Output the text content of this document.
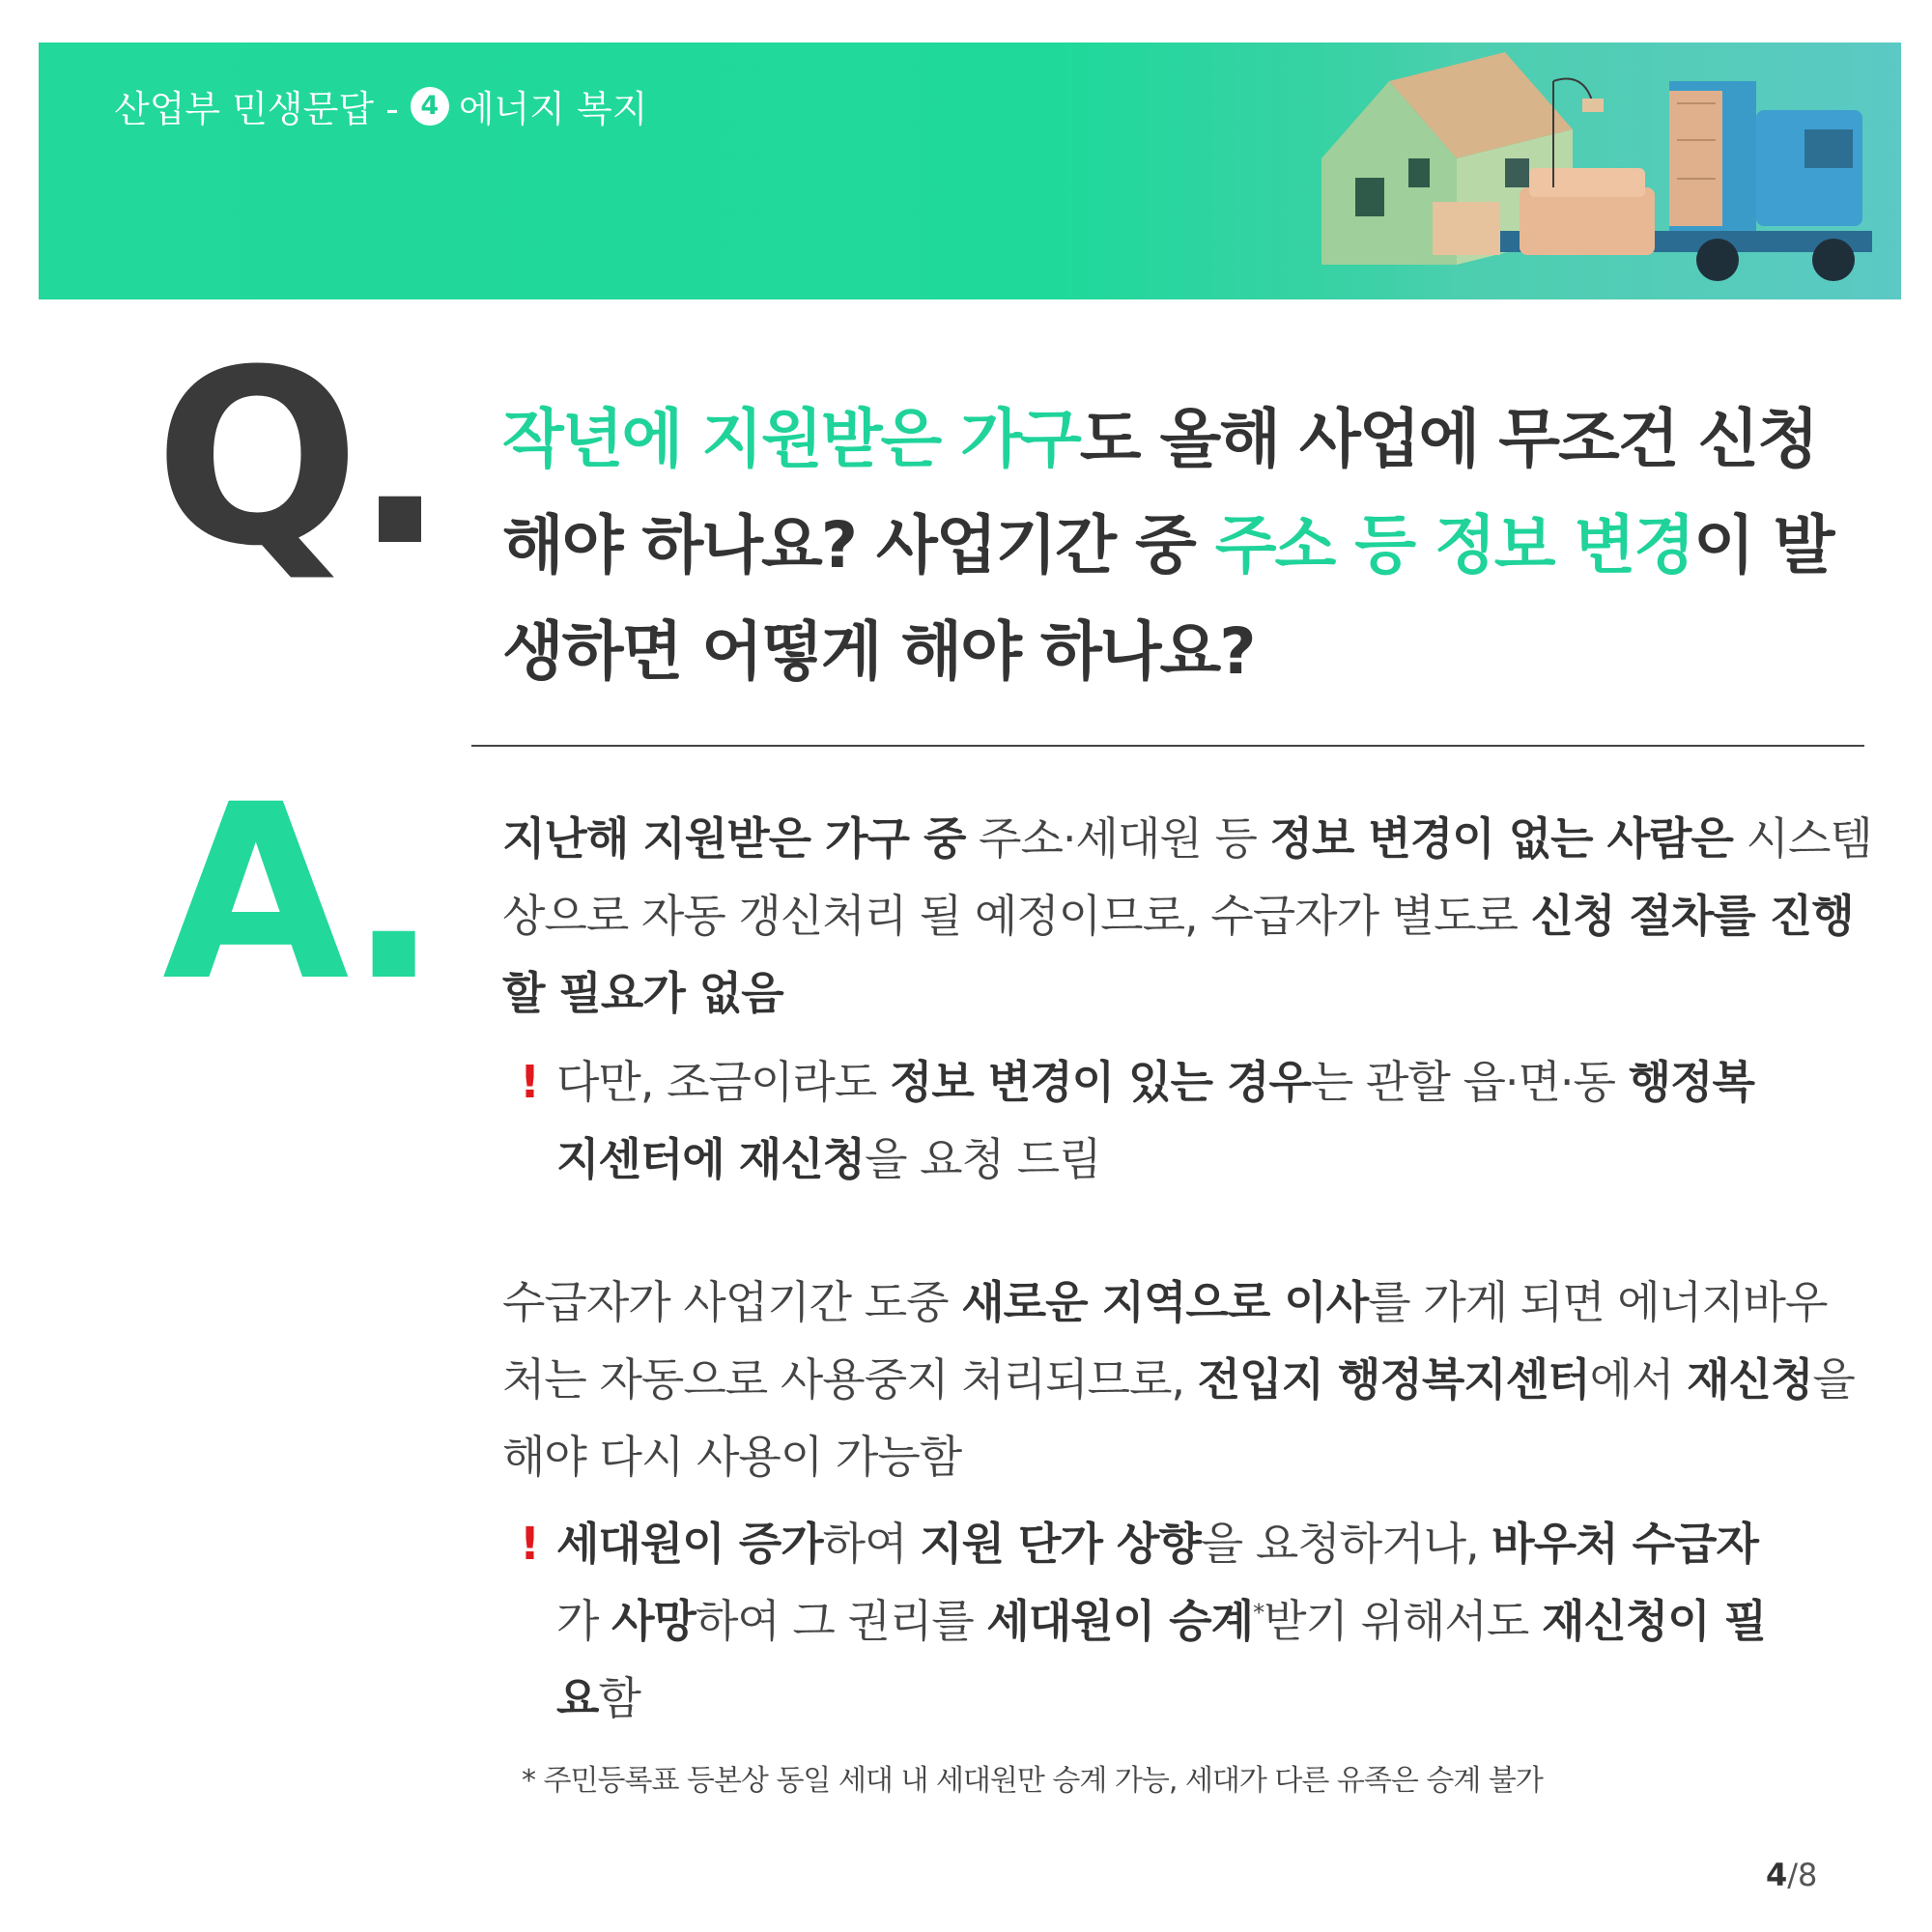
산업부 민생문답 - 4 에너지 복지
Q. 작년에 지원받은 가구도 올해 사업에 무조건 신청해야 하나요? 사업기간 중 주소 등 정보 변경이 발생하면 어떻게 해야 하나요?
A. 지난해 지원받은 가구 중 주소·세대원 등 정보 변경이 없는 사람은 시스템상으로 자동 갱신처리 될 예정이므로, 수급자가 별도로 신청 절차를 진행할 필요가 없음
! 다만, 조금이라도 정보 변경이 있는 경우는 관할 읍·면·동 행정복지센터에 재신청을 요청 드림
수급자가 사업기간 도중 새로운 지역으로 이사를 가게 되면 에너지바우처는 자동으로 사용중지 처리되므로, 전입지 행정복지센터에서 재신청을 해야 다시 사용이 가능함
! 세대원이 증가하여 지원 단가 상향을 요청하거나, 바우처 수급자가 사망하여 그 권리를 세대원이 승계*받기 위해서도 재신청이 필요함
* 주민등록표 등본상 동일 세대 내 세대원만 승계 가능, 세대가 다른 유족은 승계 불가
4/8
